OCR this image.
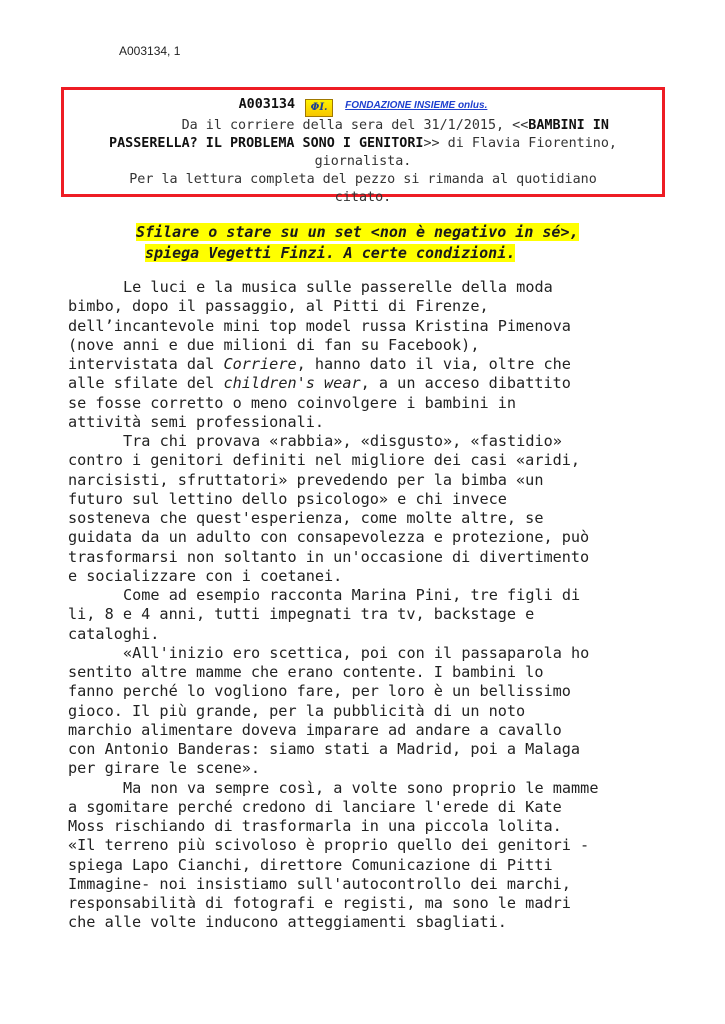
A003134, 1
A003134 ΦI. FONDAZIONE INSIEME onlus.
Da il corriere della sera del 31/1/2015, <<BAMBINI IN
PASSERELLA? IL PROBLEMA SONO I GENITORI>> di Flavia Fiorentino,
giornalista.
Per la lettura completa del pezzo si rimanda al quotidiano
citato.
Sfilare o stare su un set <non è negativo in sé>,
spiega Vegetti Finzi. A certe condizioni.
Le luci e la musica sulle passerelle della moda
bimbo, dopo il passaggio, al Pitti di Firenze,
dell’incantevole mini top model russa Kristina Pimenova
(nove anni e due milioni di fan su Facebook),
intervistata dal Corriere, hanno dato il via, oltre che
alle sfilate del children's wear, a un acceso dibattito
se fosse corretto o meno coinvolgere i bambini in
attività semi professionali.
Tra chi provava «rabbia», «disgusto», «fastidio»
contro i genitori definiti nel migliore dei casi «aridi,
narcisisti, sfruttatori» prevedendo per la bimba «un
futuro sul lettino dello psicologo» e chi invece
sosteneva che quest'esperienza, come molte altre, se
guidata da un adulto con consapevolezza e protezione, può
trasformarsi non soltanto in un'occasione di divertimento
e socializzare con i coetanei.
Come ad esempio racconta Marina Pini, tre figli di
li, 8 e 4 anni, tutti impegnati tra tv, backstage e
cataloghi.
«All'inizio ero scettica, poi con il passaparola ho
sentito altre mamme che erano contente. I bambini lo
fanno perché lo vogliono fare, per loro è un bellissimo
gioco. Il più grande, per la pubblicità di un noto
marchio alimentare doveva imparare ad andare a cavallo
con Antonio Banderas: siamo stati a Madrid, poi a Malaga
per girare le scene».
Ma non va sempre così, a volte sono proprio le mamme
a sgomitare perché credono di lanciare l'erede di Kate
Moss rischiando di trasformarla in una piccola lolita.
«Il terreno più scivoloso è proprio quello dei genitori -
spiega Lapo Cianchi, direttore Comunicazione di Pitti
Immagine- noi insistiamo sull'autocontrollo dei marchi,
responsabilità di fotografi e registi, ma sono le madri
che alle volte inducono atteggiamenti sbagliati.
